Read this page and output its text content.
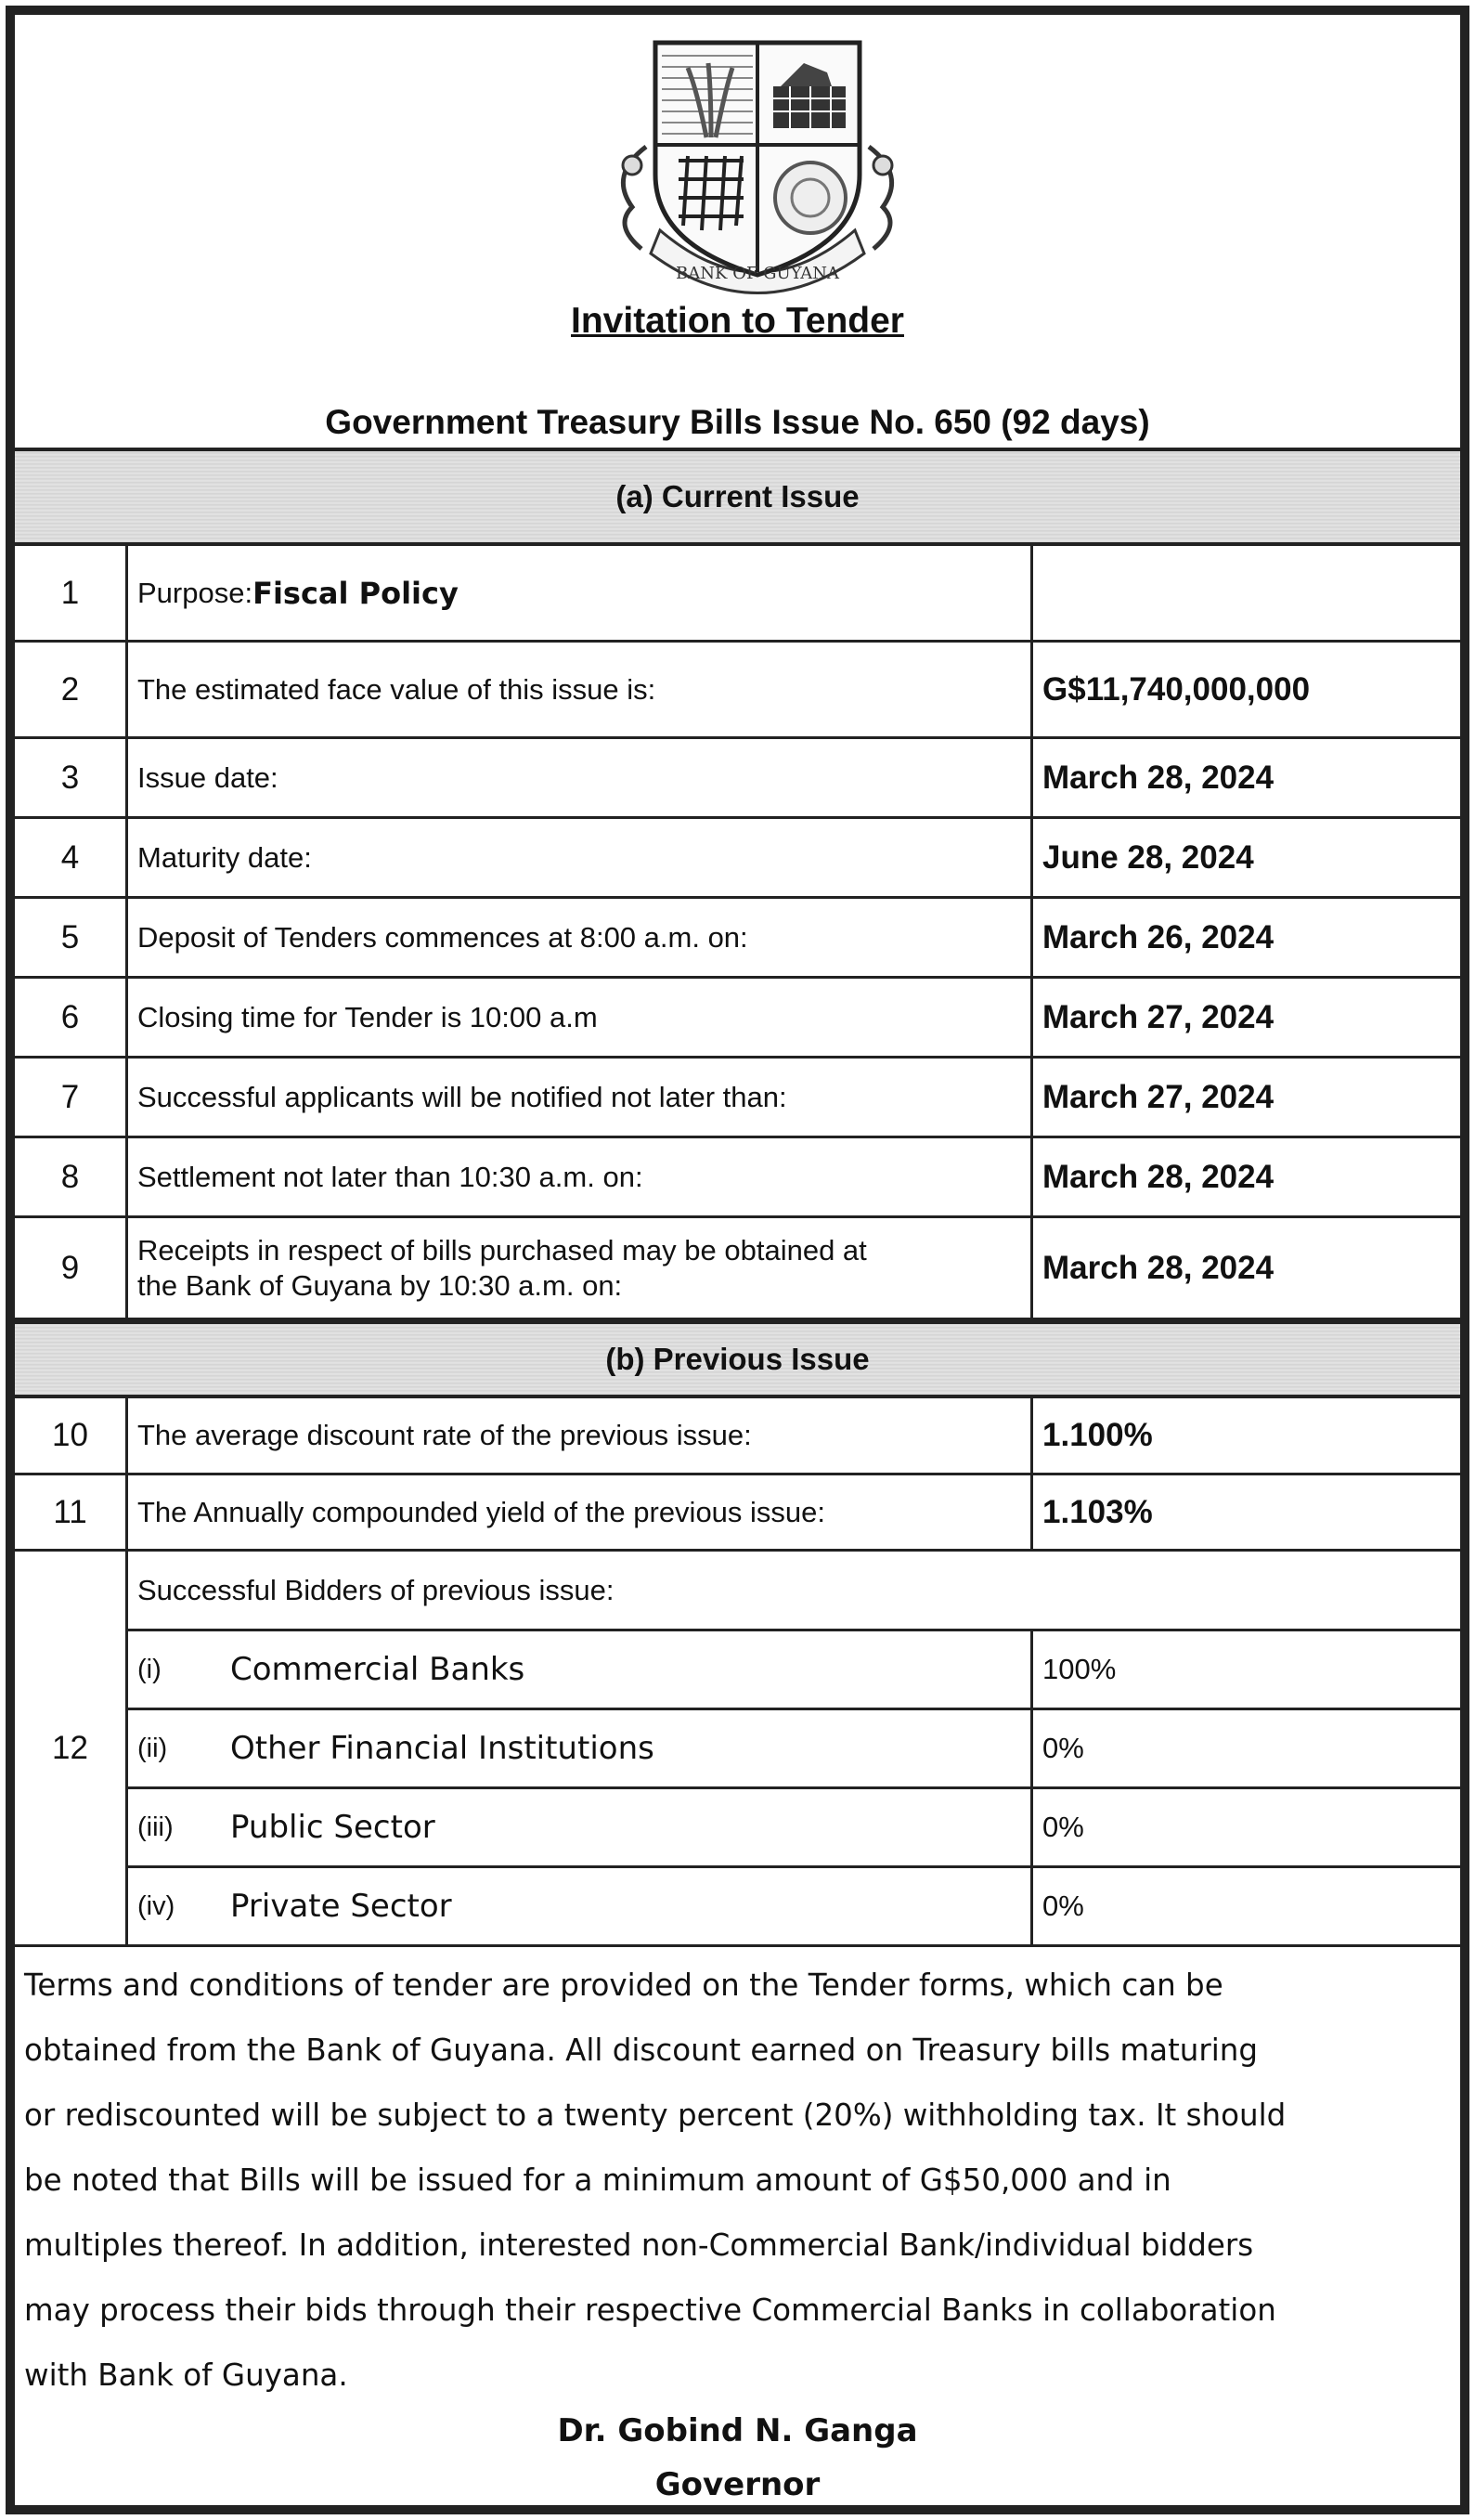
BANK OF GUYANA
Invitation to Tender
Government Treasury Bills Issue No. 650 (92 days)
(a) Current Issue
1	Purpose: Fiscal Policy
2	The estimated face value of this issue is:	G$11,740,000,000
3	Issue date:	March 28, 2024
4	Maturity date:	June 28, 2024
5	Deposit of Tenders commences at 8:00 a.m. on:	March 26, 2024
6	Closing time for Tender is 10:00 a.m	March 27, 2024
7	Successful applicants will be notified not later than:	March 27, 2024
8	Settlement not later than 10:30 a.m. on:	March 28, 2024
9	Receipts in respect of bills purchased may be obtained at
the Bank of Guyana by 10:30 a.m. on:	March 28, 2024
(b) Previous Issue
10	The average discount rate of the previous issue:	1.100%
11	The Annually compounded yield of the previous issue:	1.103%
12
Successful Bidders of previous issue:
(i)	Commercial Banks	100%
(ii)	Other Financial Institutions	0%
(iii)	Public Sector	0%
(iv)	Private Sector	0%
Terms and conditions of tender are provided on the Tender forms, which can be
obtained from the Bank of Guyana. All discount earned on Treasury bills maturing
or rediscounted will be subject to a twenty percent (20%) withholding tax. It should
be noted that Bills will be issued for a minimum amount of G$50,000 and in
multiples thereof. In addition, interested non-Commercial Bank/individual bidders
may process their bids through their respective Commercial Banks in collaboration
with Bank of Guyana.
Dr. Gobind N. Ganga
Governor
